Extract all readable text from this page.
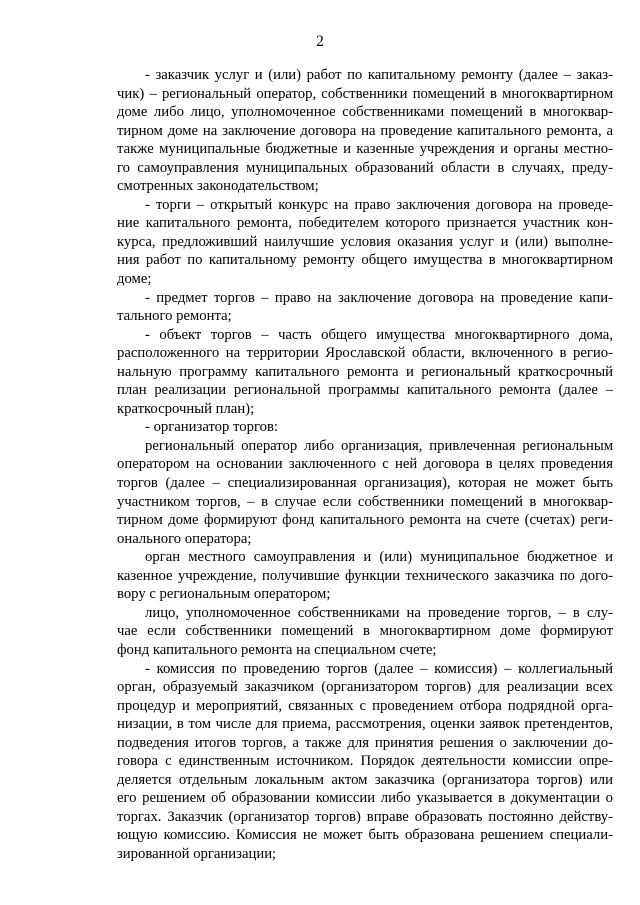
2
- заказчик услуг и (или) работ по капитальному ремонту (далее – заказ-
чик) – региональный оператор, собственники помещений в многоквартирном
доме либо лицо, уполномоченное собственниками помещений в многоквар-
тирном доме на заключение договора на проведение капитального ремонта, а
также муниципальные бюджетные и казенные учреждения и органы местно-
го самоуправления муниципальных образований области в случаях, преду-
смотренных законодательством;
- торги – открытый конкурс на право заключения договора на проведе-
ние капитального ремонта, победителем которого признается участник кон-
курса, предложивший наилучшие условия оказания услуг и (или) выполне-
ния работ по капитальному ремонту общего имущества в многоквартирном
доме;
- предмет торгов – право на заключение договора на проведение капи-
тального ремонта;
- объект торгов – часть общего имущества многоквартирного дома,
расположенного на территории Ярославской области, включенного в регио-
нальную программу капитального ремонта и региональный краткосрочный
план реализации региональной программы капитального ремонта (далее –
краткосрочный план);
- организатор торгов:
региональный оператор либо организация, привлеченная региональным
оператором на основании заключенного с ней договора в целях проведения
торгов (далее – специализированная организация), которая не может быть
участником торгов, – в случае если собственники помещений в многоквар-
тирном доме формируют фонд капитального ремонта на счете (счетах) реги-
онального оператора;
орган местного самоуправления и (или) муниципальное бюджетное и
казенное учреждение, получившие функции технического заказчика по дого-
вору с региональным оператором;
лицо, уполномоченное собственниками на проведение торгов, – в слу-
чае если собственники помещений в многоквартирном доме формируют
фонд капитального ремонта на специальном счете;
- комиссия по проведению торгов (далее – комиссия) – коллегиальный
орган, образуемый заказчиком (организатором торгов) для реализации всех
процедур и мероприятий, связанных с проведением отбора подрядной орга-
низации, в том числе для приема, рассмотрения, оценки заявок претендентов,
подведения итогов торгов, а также для принятия решения о заключении до-
говора с единственным источником. Порядок деятельности комиссии опре-
деляется отдельным локальным актом заказчика (организатора торгов) или
его решением об образовании комиссии либо указывается в документации о
торгах. Заказчик (организатор торгов) вправе образовать постоянно действу-
ющую комиссию. Комиссия не может быть образована решением специали-
зированной организации;
